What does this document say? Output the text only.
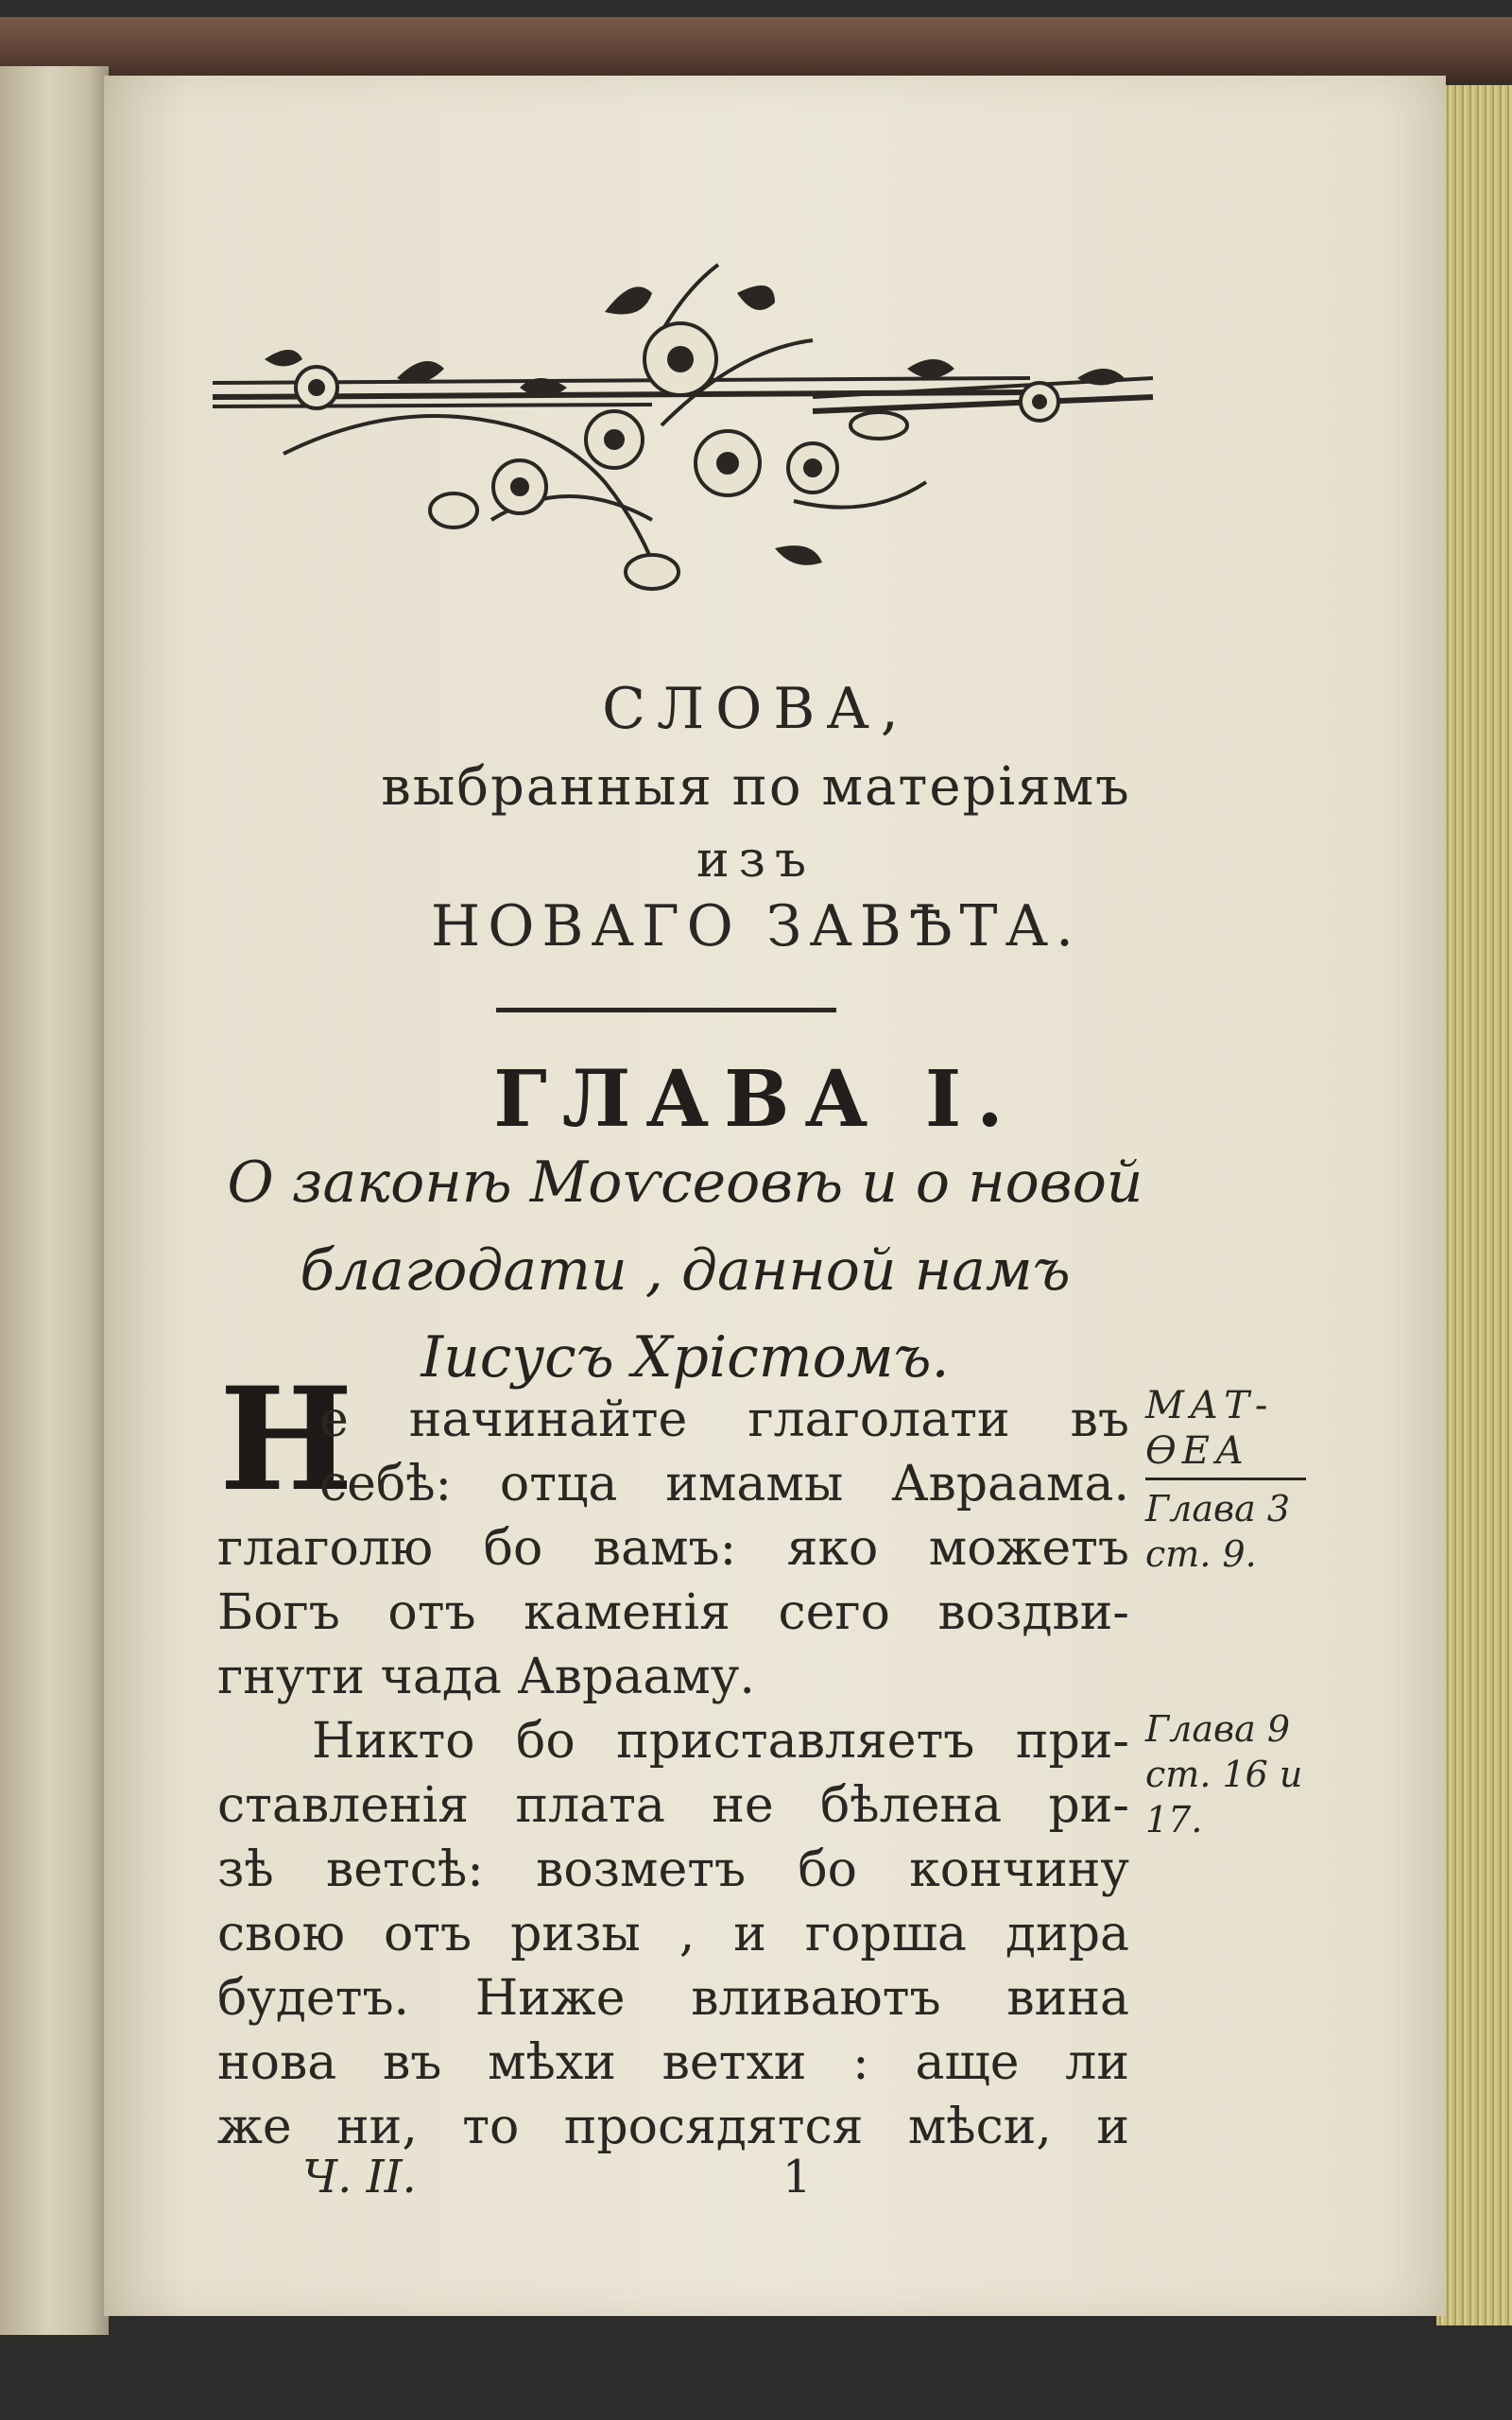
СЛОВА,
выбранныя по матерiямъ
изъ
НОВАГО ЗАВѢТА.
ГЛАВА I.
О законѣ Моѵсеовѣ и о новой
благодати , данной намъ
Iисусъ Хрiстомъ.
Н
е начинайте глаголати въ
себѣ: отца имамы Авраама.
глаголю бо вамъ: яко можетъ
Богъ отъ каменiя сего воздви-
гнути чада Аврааму.
Никто бо приставляетъ при-
ставленiя плата не бѣлена ри-
зѣ ветсѣ: возметъ бо кончину
свою отъ ризы , и горша дира
будетъ. Ниже вливаютъ вина
нова въ мѣхи ветхи : аще ли
же ни, то просядятся мѣси, и
МАТ-
ѲЕА
Глава 3
ст. 9.
Глава 9
ст. 16 и
17.
Ч. II.	1
